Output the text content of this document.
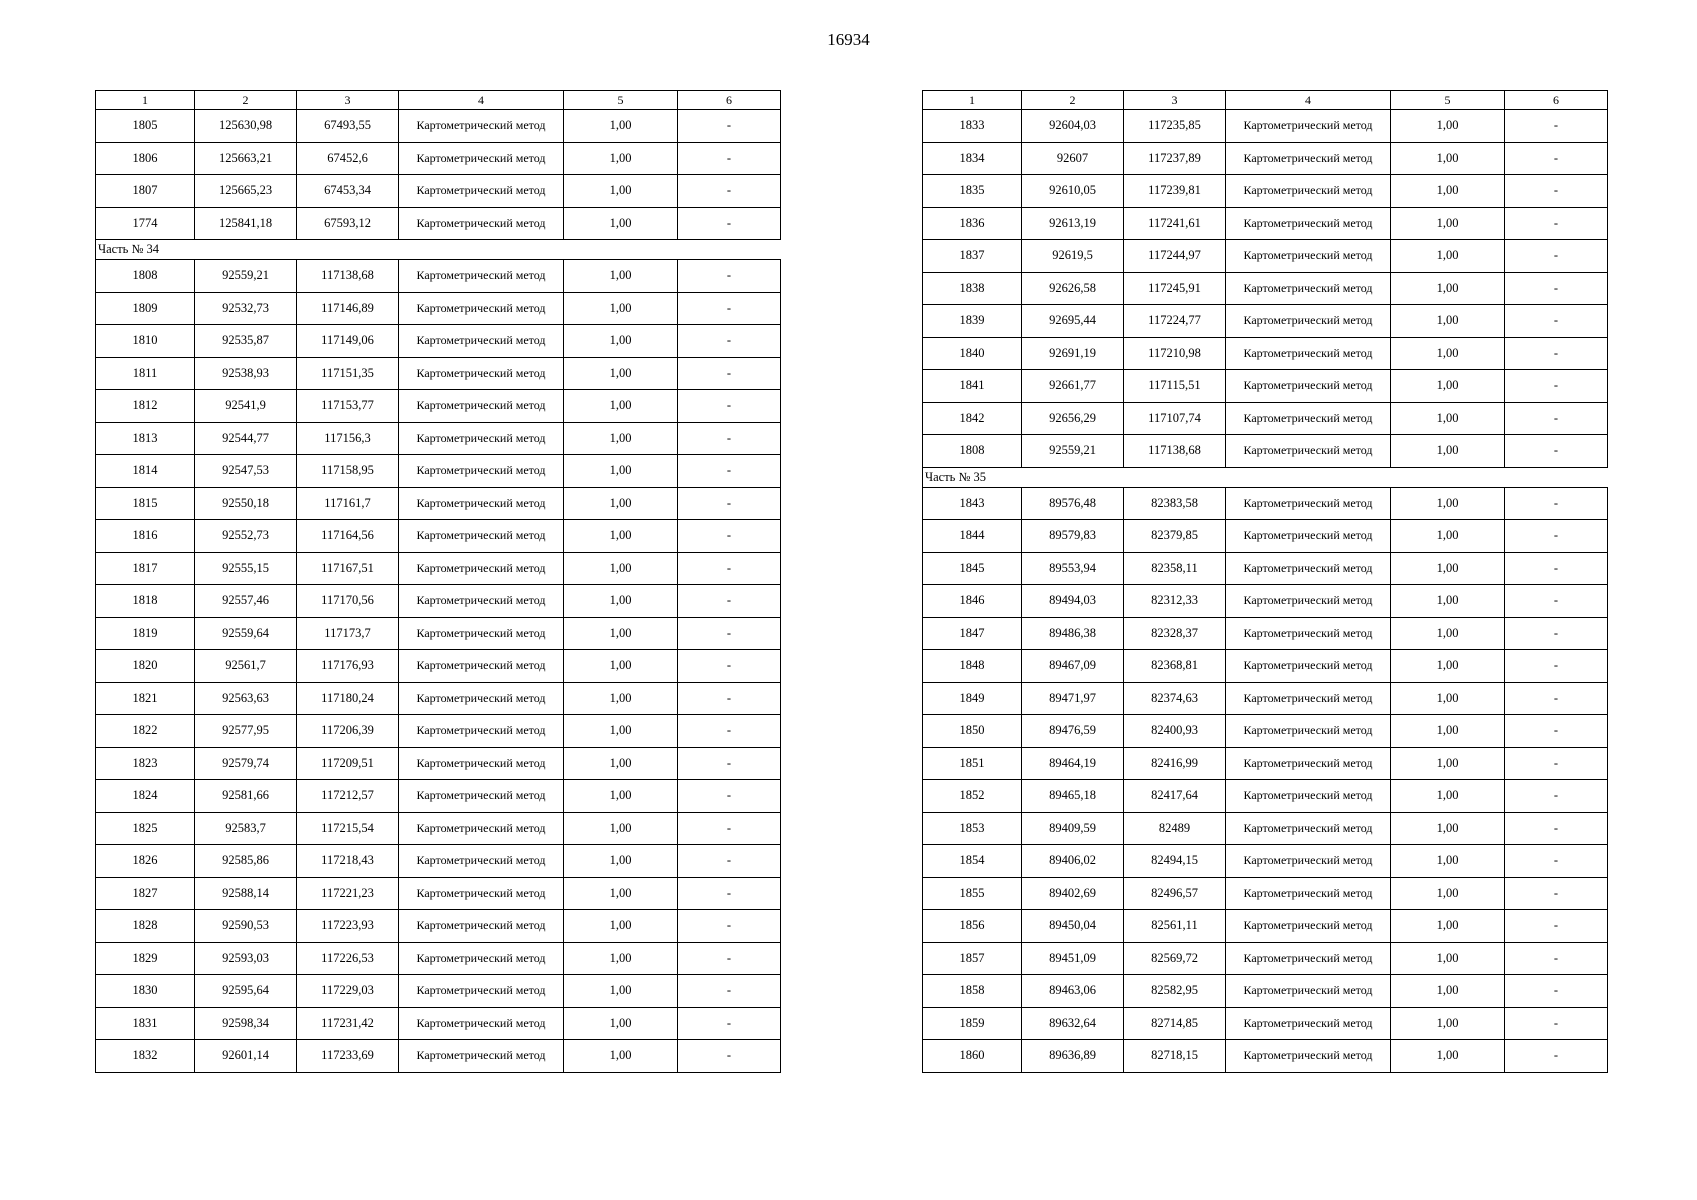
16934
1	2	3	4	5	6
1805	125630,98	67493,55	Картометрический метод	1,00	-
1806	125663,21	67452,6	Картометрический метод	1,00	-
1807	125665,23	67453,34	Картометрический метод	1,00	-
1774	125841,18	67593,12	Картометрический метод	1,00	-
Часть № 34					
1808	92559,21	117138,68	Картометрический метод	1,00	-
1809	92532,73	117146,89	Картометрический метод	1,00	-
1810	92535,87	117149,06	Картометрический метод	1,00	-
1811	92538,93	117151,35	Картометрический метод	1,00	-
1812	92541,9	117153,77	Картометрический метод	1,00	-
1813	92544,77	117156,3	Картометрический метод	1,00	-
1814	92547,53	117158,95	Картометрический метод	1,00	-
1815	92550,18	117161,7	Картометрический метод	1,00	-
1816	92552,73	117164,56	Картометрический метод	1,00	-
1817	92555,15	117167,51	Картометрический метод	1,00	-
1818	92557,46	117170,56	Картометрический метод	1,00	-
1819	92559,64	117173,7	Картометрический метод	1,00	-
1820	92561,7	117176,93	Картометрический метод	1,00	-
1821	92563,63	117180,24	Картометрический метод	1,00	-
1822	92577,95	117206,39	Картометрический метод	1,00	-
1823	92579,74	117209,51	Картометрический метод	1,00	-
1824	92581,66	117212,57	Картометрический метод	1,00	-
1825	92583,7	117215,54	Картометрический метод	1,00	-
1826	92585,86	117218,43	Картометрический метод	1,00	-
1827	92588,14	117221,23	Картометрический метод	1,00	-
1828	92590,53	117223,93	Картометрический метод	1,00	-
1829	92593,03	117226,53	Картометрический метод	1,00	-
1830	92595,64	117229,03	Картометрический метод	1,00	-
1831	92598,34	117231,42	Картометрический метод	1,00	-
1832	92601,14	117233,69	Картометрический метод	1,00	-
1	2	3	4	5	6
1833	92604,03	117235,85	Картометрический метод	1,00	-
1834	92607	117237,89	Картометрический метод	1,00	-
1835	92610,05	117239,81	Картометрический метод	1,00	-
1836	92613,19	117241,61	Картометрический метод	1,00	-
1837	92619,5	117244,97	Картометрический метод	1,00	-
1838	92626,58	117245,91	Картометрический метод	1,00	-
1839	92695,44	117224,77	Картометрический метод	1,00	-
1840	92691,19	117210,98	Картометрический метод	1,00	-
1841	92661,77	117115,51	Картометрический метод	1,00	-
1842	92656,29	117107,74	Картометрический метод	1,00	-
1808	92559,21	117138,68	Картометрический метод	1,00	-
Часть № 35					
1843	89576,48	82383,58	Картометрический метод	1,00	-
1844	89579,83	82379,85	Картометрический метод	1,00	-
1845	89553,94	82358,11	Картометрический метод	1,00	-
1846	89494,03	82312,33	Картометрический метод	1,00	-
1847	89486,38	82328,37	Картометрический метод	1,00	-
1848	89467,09	82368,81	Картометрический метод	1,00	-
1849	89471,97	82374,63	Картометрический метод	1,00	-
1850	89476,59	82400,93	Картометрический метод	1,00	-
1851	89464,19	82416,99	Картометрический метод	1,00	-
1852	89465,18	82417,64	Картометрический метод	1,00	-
1853	89409,59	82489	Картометрический метод	1,00	-
1854	89406,02	82494,15	Картометрический метод	1,00	-
1855	89402,69	82496,57	Картометрический метод	1,00	-
1856	89450,04	82561,11	Картометрический метод	1,00	-
1857	89451,09	82569,72	Картометрический метод	1,00	-
1858	89463,06	82582,95	Картометрический метод	1,00	-
1859	89632,64	82714,85	Картометрический метод	1,00	-
1860	89636,89	82718,15	Картометрический метод	1,00	-
